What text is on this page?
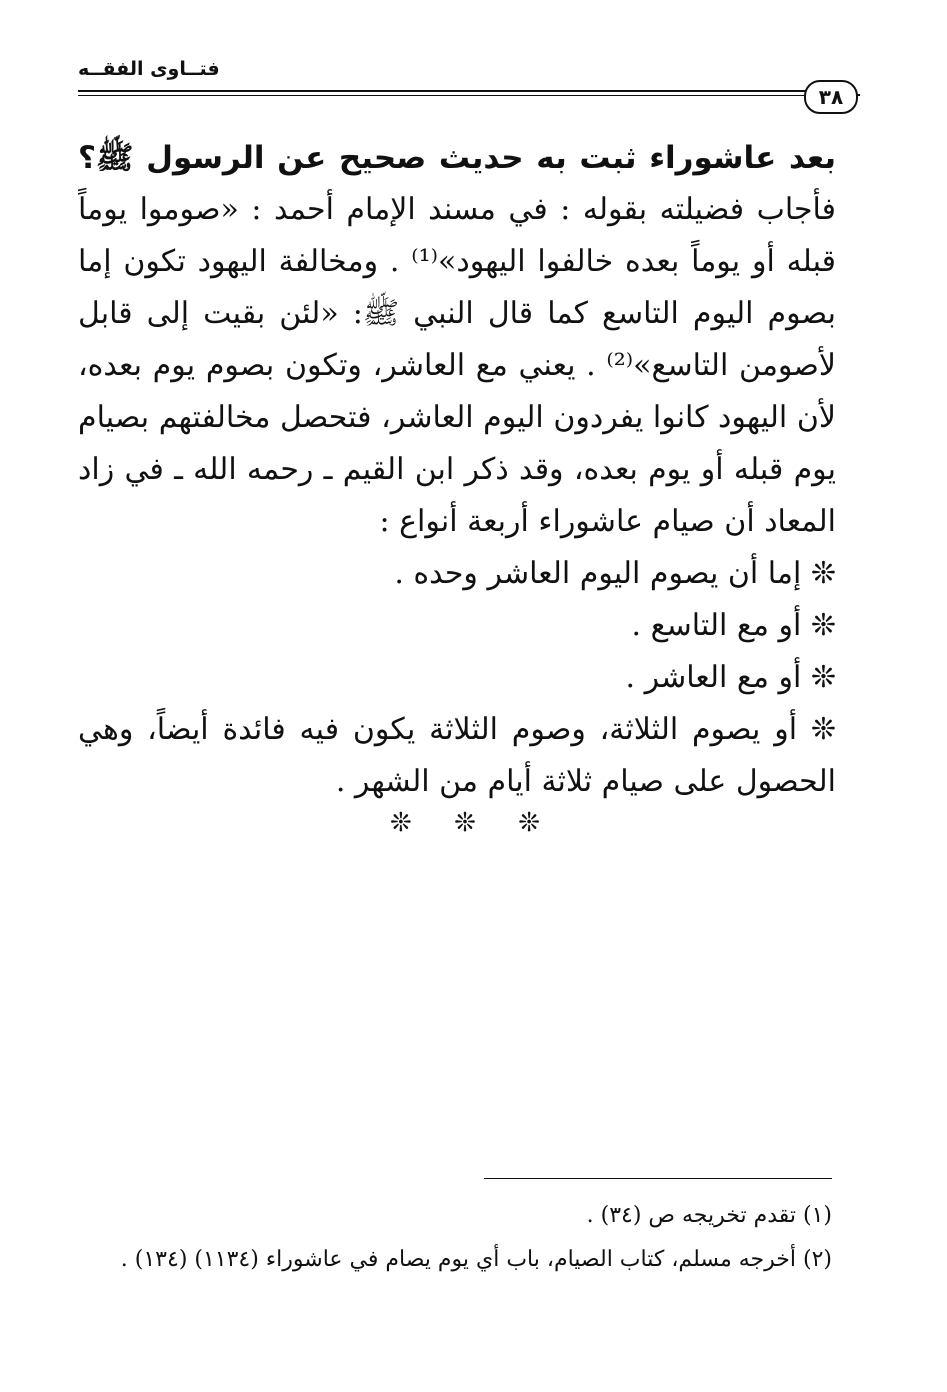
فتــاوى الفقــه
٣٨
بعد عاشوراء ثبت به حديث صحيح عن الرسول ﷺ؟
فأجاب فضيلته بقوله : في مسند الإمام أحمد : «صوموا يوماً
قبله أو يوماً بعده خالفوا اليهود»⁽¹⁾ . ومخالفة اليهود تكون إما
بصوم اليوم التاسع كما قال النبي ﷺ: «لئن بقيت إلى قابل
لأصومن التاسع»⁽²⁾ . يعني مع العاشر، وتكون بصوم يوم بعده،
لأن اليهود كانوا يفردون اليوم العاشر، فتحصل مخالفتهم بصيام
يوم قبله أو يوم بعده، وقد ذكر ابن القيم ـ رحمه الله ـ في زاد
المعاد أن صيام عاشوراء أربعة أنواع :
❊ إما أن يصوم اليوم العاشر وحده .
❊ أو مع التاسع .
❊ أو مع العاشر .
❊ أو يصوم الثلاثة، وصوم الثلاثة يكون فيه فائدة أيضاً، وهي
الحصول على صيام ثلاثة أيام من الشهر .
❊ ❊ ❊
(١) تقدم تخريجه ص (٣٤) .
(٢) أخرجه مسلم، كتاب الصيام، باب أي يوم يصام في عاشوراء (١١٣٤) (١٣٤) .
